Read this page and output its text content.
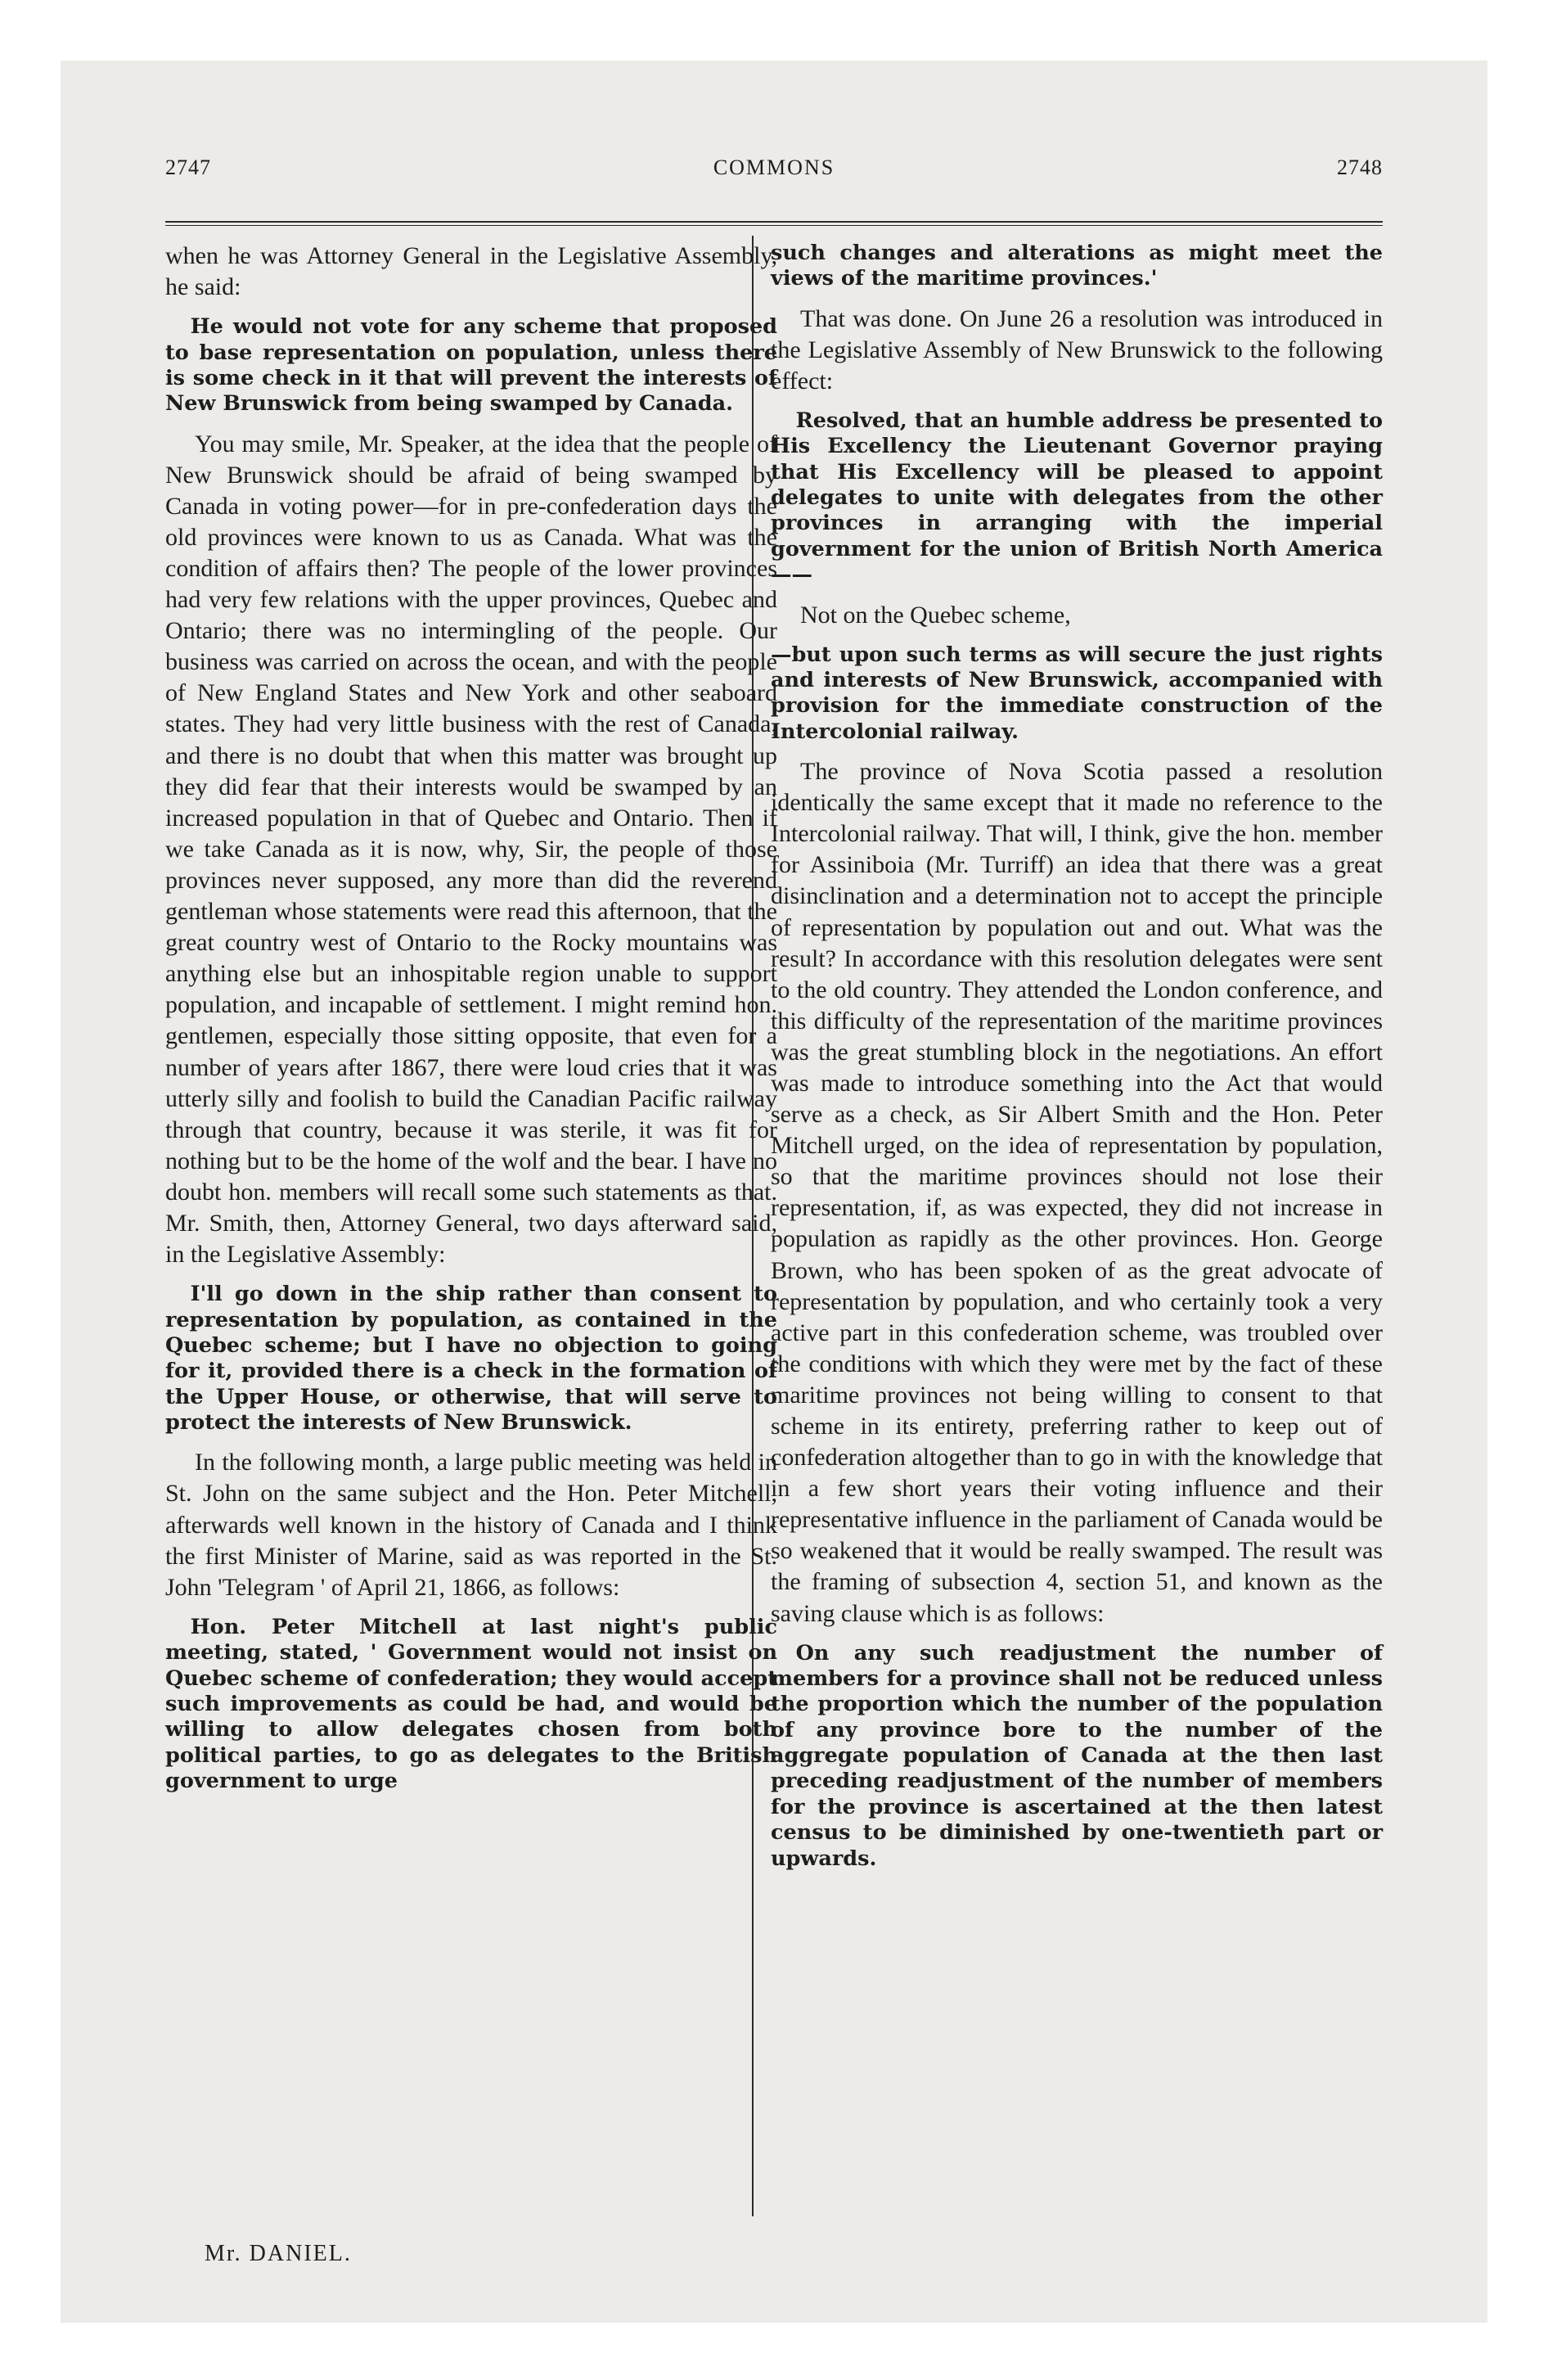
COMMONS
2747	2748

when he was Attorney General in the Legislative Assembly, he said:

He would not vote for any scheme that proposed to base representation on population, unless there is some check in it that will prevent the interests of New Brunswick from being swamped by Canada.

You may smile, Mr. Speaker, at the idea that the people of New Brunswick should be afraid of being swamped by Canada in voting power—for in pre-confederation days the old provinces were known to us as Canada. What was the condition of affairs then? The people of the lower provinces had very few relations with the upper provinces, Quebec and Ontario; there was no intermingling of the people. Our business was carried on across the ocean, and with the people of New England States and New York and other seaboard states. They had very little business with the rest of Canada, and there is no doubt that when this matter was brought up they did fear that their interests would be swamped by an increased population in that of Quebec and Ontario. Then if we take Canada as it is now, why, Sir, the people of those provinces never supposed, any more than did the reverend gentleman whose statements were read this afternoon, that the great country west of Ontario to the Rocky mountains was anything else but an inhospitable region unable to support population, and incapable of settlement. I might remind hon. gentlemen, especially those sitting opposite, that even for a number of years after 1867, there were loud cries that it was utterly silly and foolish to build the Canadian Pacific railway through that country, because it was sterile, it was fit for nothing but to be the home of the wolf and the bear. I have no doubt hon. members will recall some such statements as that. Mr. Smith, then, Attorney General, two days afterward said, in the Legislative Assembly:

I'll go down in the ship rather than consent to representation by population, as contained in the Quebec scheme; but I have no objection to going for it, provided there is a check in the formation of the Upper House, or otherwise, that will serve to protect the interests of New Brunswick.

In the following month, a large public meeting was held in St. John on the same subject and the Hon. Peter Mitchell, afterwards well known in the history of Canada and I think the first Minister of Marine, said as was reported in the St. John 'Telegram ' of April 21, 1866, as follows:

Hon. Peter Mitchell at last night's public meeting, stated, ' Government would not insist on Quebec scheme of confederation; they would accept such improvements as could be had, and would be willing to allow delegates chosen from both political parties, to go as delegates to the British government to urge

such changes and alterations as might meet the views of the maritime provinces.'

That was done. On June 26 a resolution was introduced in the Legislative Assembly of New Brunswick to the following effect:

Resolved, that an humble address be presented to His Excellency the Lieutenant Governor praying that His Excellency will be pleased to appoint delegates to unite with delegates from the other provinces in arranging with the imperial government for the union of British North America——

Not on the Quebec scheme,

—but upon such terms as will secure the just rights and interests of New Brunswick, accompanied with provision for the immediate construction of the Intercolonial railway.

The province of Nova Scotia passed a resolution identically the same except that it made no reference to the Intercolonial railway. That will, I think, give the hon. member for Assiniboia (Mr. Turriff) an idea that there was a great disinclination and a determination not to accept the principle of representation by population out and out. What was the result? In accordance with this resolution delegates were sent to the old country. They attended the London conference, and this difficulty of the representation of the maritime provinces was the great stumbling block in the negotiations. An effort was made to introduce something into the Act that would serve as a check, as Sir Albert Smith and the Hon. Peter Mitchell urged, on the idea of representation by population, so that the maritime provinces should not lose their representation, if, as was expected, they did not increase in population as rapidly as the other provinces. Hon. George Brown, who has been spoken of as the great advocate of representation by population, and who certainly took a very active part in this confederation scheme, was troubled over the conditions with which they were met by the fact of these maritime provinces not being willing to consent to that scheme in its entirety, preferring rather to keep out of confederation altogether than to go in with the knowledge that in a few short years their voting influence and their representative influence in the parliament of Canada would be so weakened that it would be really swamped. The result was the framing of subsection 4, section 51, and known as the saving clause which is as follows:

On any such readjustment the number of members for a province shall not be reduced unless the proportion which the number of the population of any province bore to the number of the aggregate population of Canada at the then last preceding readjustment of the number of members for the province is ascertained at the then latest census to be diminished by one-twentieth part or upwards.

Mr. DANIEL.
